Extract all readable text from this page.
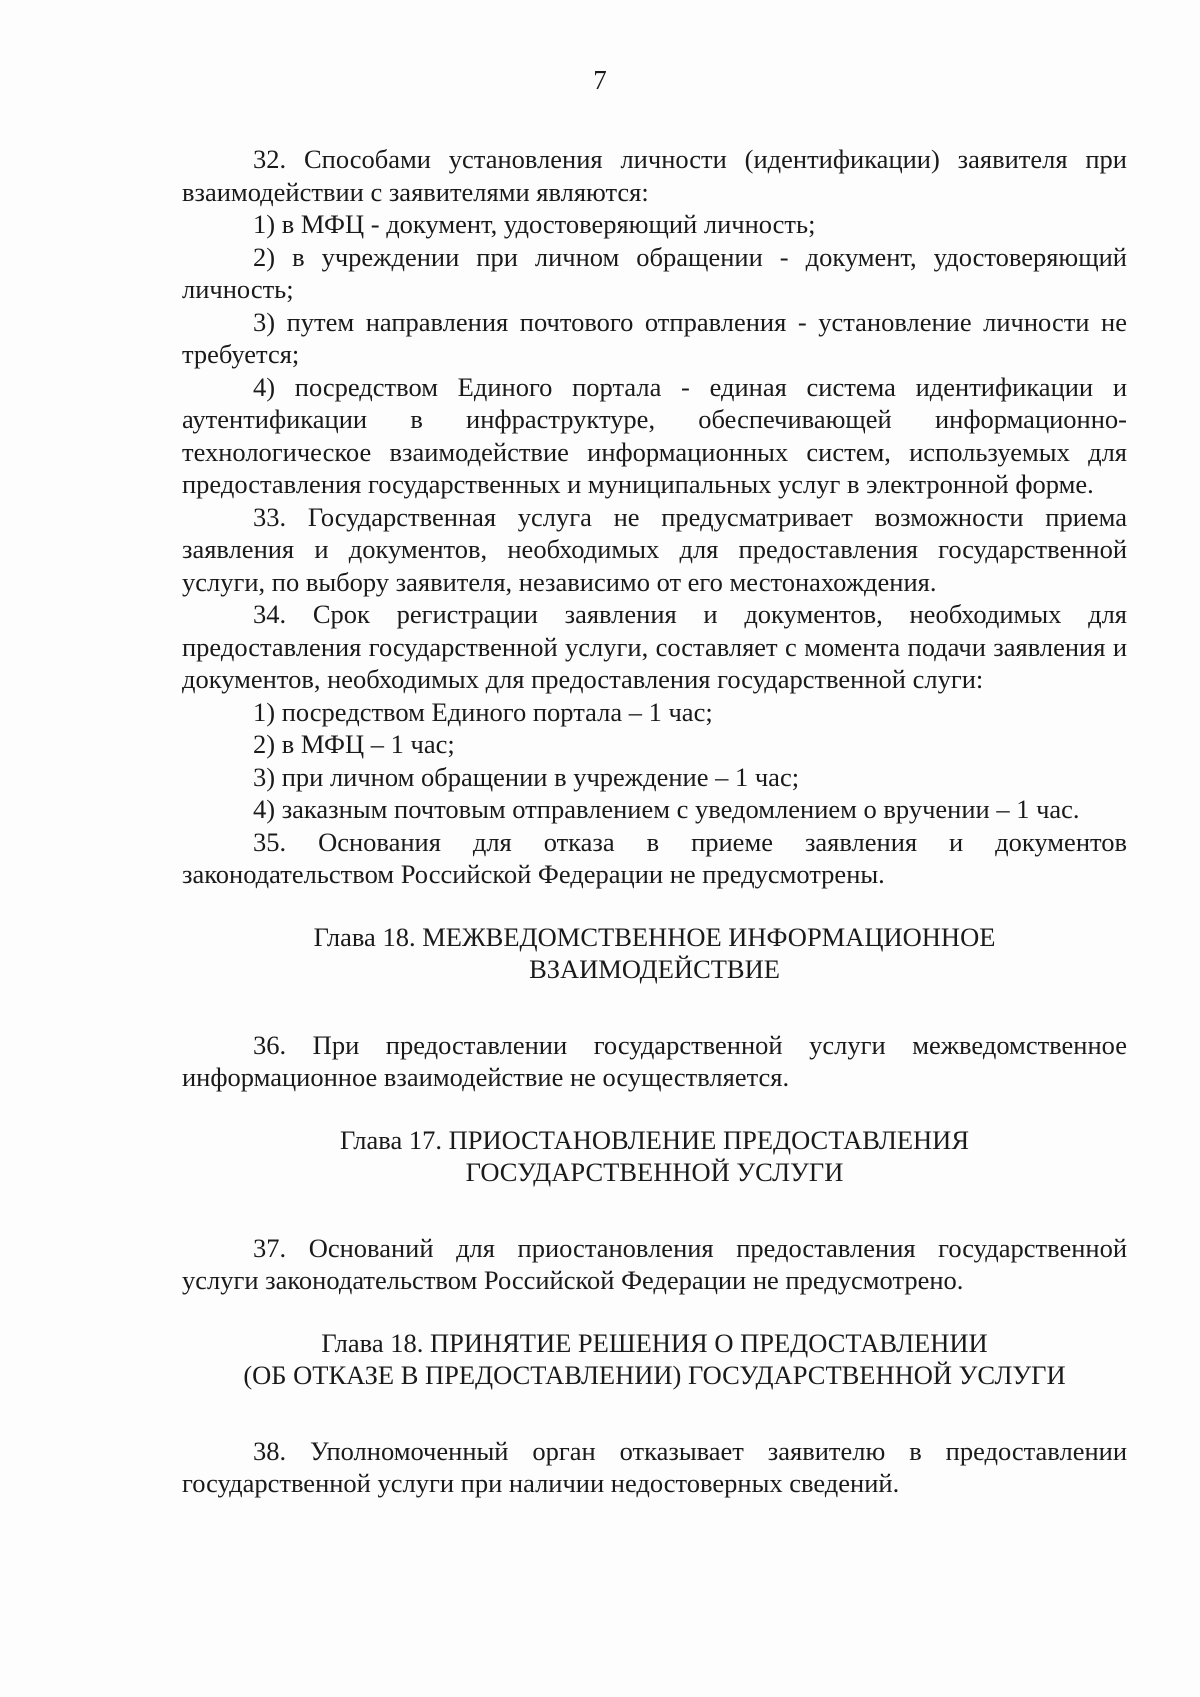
7

32. Способами установления личности (идентификации) заявителя при взаимодействии с заявителями являются:

1) в МФЦ - документ, удостоверяющий личность;

2) в учреждении при личном обращении - документ, удостоверяющий личность;

3) путем направления почтового отправления - установление личности не требуется;

4) посредством Единого портала - единая система идентификации и аутентификации в инфраструктуре, обеспечивающей информационно-технологическое взаимодействие информационных систем, используемых для предоставления государственных и муниципальных услуг в электронной форме.

33. Государственная услуга не предусматривает возможности приема заявления и документов, необходимых для предоставления государственной услуги, по выбору заявителя, независимо от его местонахождения.

34. Срок регистрации заявления и документов, необходимых для предоставления государственной услуги, составляет с момента подачи заявления и документов, необходимых для предоставления государственной слуги:

1) посредством Единого портала – 1 час;

2) в МФЦ – 1 час;

3) при личном обращении в учреждение – 1 час;

4) заказным почтовым отправлением с уведомлением о вручении – 1 час.

35. Основания для отказа в приеме заявления и документов законодательством Российской Федерации не предусмотрены.

Глава 18. МЕЖВЕДОМСТВЕННОЕ ИНФОРМАЦИОННОЕ
ВЗАИМОДЕЙСТВИЕ

36. При предоставлении государственной услуги межведомственное информационное взаимодействие не осуществляется.

Глава 17. ПРИОСТАНОВЛЕНИЕ ПРЕДОСТАВЛЕНИЯ
ГОСУДАРСТВЕННОЙ УСЛУГИ

37. Оснований для приостановления предоставления государственной услуги законодательством Российской Федерации не предусмотрено.

Глава 18. ПРИНЯТИЕ РЕШЕНИЯ О ПРЕДОСТАВЛЕНИИ
(ОБ ОТКАЗЕ В ПРЕДОСТАВЛЕНИИ) ГОСУДАРСТВЕННОЙ УСЛУГИ

38. Уполномоченный орган отказывает заявителю в предоставлении государственной услуги при наличии недостоверных сведений.
